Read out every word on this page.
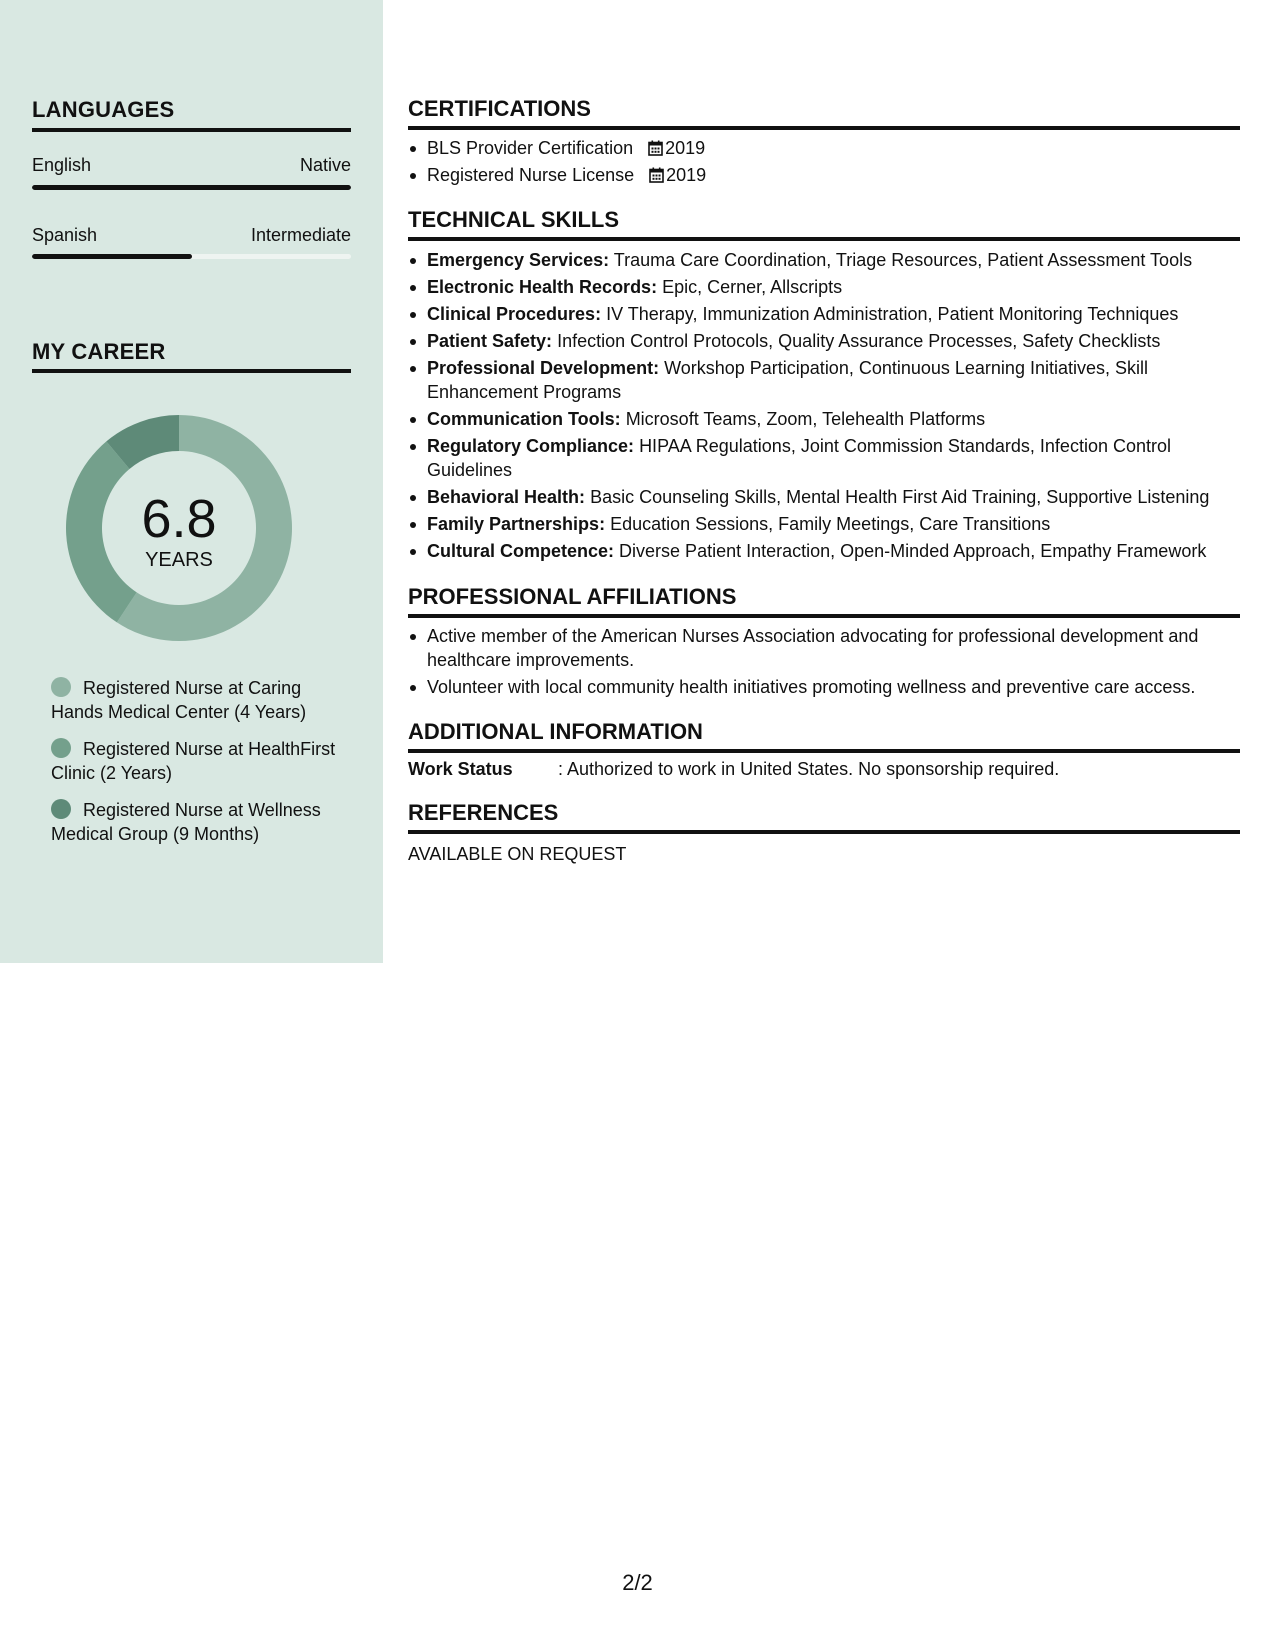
LANGUAGES
English	Native
Spanish	Intermediate
MY CAREER
6.8
YEARS
Registered Nurse at Caring Hands Medical Center (4 Years)
Registered Nurse at HealthFirst Clinic (2 Years)
Registered Nurse at Wellness Medical Group (9 Months)
CERTIFICATIONS
BLS Provider Certification 2019
Registered Nurse License 2019
TECHNICAL SKILLS
Emergency Services: Trauma Care Coordination, Triage Resources, Patient Assessment Tools
Electronic Health Records: Epic, Cerner, Allscripts
Clinical Procedures: IV Therapy, Immunization Administration, Patient Monitoring Techniques
Patient Safety: Infection Control Protocols, Quality Assurance Processes, Safety Checklists
Professional Development: Workshop Participation, Continuous Learning Initiatives, Skill Enhancement Programs
Communication Tools: Microsoft Teams, Zoom, Telehealth Platforms
Regulatory Compliance: HIPAA Regulations, Joint Commission Standards, Infection Control Guidelines
Behavioral Health: Basic Counseling Skills, Mental Health First Aid Training, Supportive Listening
Family Partnerships: Education Sessions, Family Meetings, Care Transitions
Cultural Competence: Diverse Patient Interaction, Open-Minded Approach, Empathy Framework
PROFESSIONAL AFFILIATIONS
Active member of the American Nurses Association advocating for professional development and healthcare improvements.
Volunteer with local community health initiatives promoting wellness and preventive care access.
ADDITIONAL INFORMATION
Work Status	: Authorized to work in United States. No sponsorship required.
REFERENCES
AVAILABLE ON REQUEST
2/2
